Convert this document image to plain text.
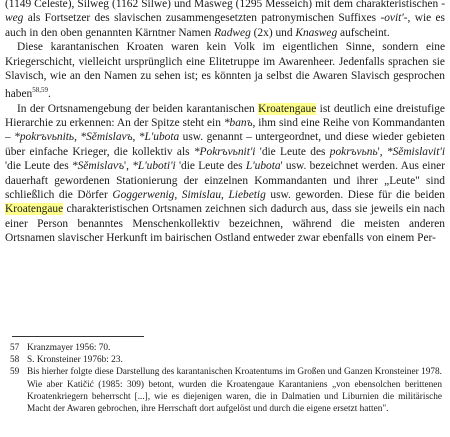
(1149 Celeste), Silweg (1162 Silwe) und Masweg (1295 Messeich) mit dem charakteristischen -weg als Fortsetzer des slavischen zusammengesetzten patronymischen Suffixes -ovit'-, wie es auch in den oben genannten Kärntner Namen Radweg (2x) und Knasweg aufscheint.

Diese karantanischen Kroaten waren kein Volk im eigentlichen Sinne, sondern eine Kriegerschicht, vielleicht ursprünglich eine Elitetruppe im Awarenheer. Jedenfalls sprachen sie Slavisch, wie an den Namen zu sehen ist; es könnten ja selbst die Awaren Slavisch gesprochen haben$^{58,59}$.

In der Ortsnamengebung der beiden karantanischen Kroatengaue ist deutlich eine dreistufige Hierarchie zu erkennen: An der Spitze steht ein *banъ, ihm sind eine Reihe von Kommandanten – *pokrъvьnitь, *Sěmislavъ, *L'ubota usw. genannt – untergeordnet, und diese wieder gebieten über einfache Krieger, die kollektiv als *Pokrъvьnit'i 'die Leute des pokrъvьnь', *Sěmislavit'i 'die Leute des *Sěmislavъ', *L'uboti'i 'die Leute des L'ubota' usw. bezeichnet werden. Aus einer dauerhaft gewordenen Stationierung der einzelnen Kommandanten und ihrer „Leute" sind schließlich die Dörfer Goggerwenig, Simislau, Liebetig usw. geworden. Diese für die beiden Kroatengaue charakteristischen Ortsnamen zeichnen sich dadurch aus, dass sie jeweils ein nach einer Person benanntes Menschenkollektiv bezeichnen, während die meisten anderen Ortsnamen slavischer Herkunft im bairischen Ostland entweder zwar ebenfalls von einem Per-

57 Kranzmayer 1956: 70.
58 S. Kronsteiner 1976b: 23.
59 Bis hierher folgte diese Darstellung des karantanischen Kroatentums im Großen und Ganzen Kronsteiner 1978. Wie aber Katičić (1985: 309) betont, wurden die Kroatengaue Karantaniens „von ebensolchen berittenen Kroatenkriegern beherrscht [...], wie es diejenigen waren, die in Dalmatien und Liburnien die militärische Macht der Awaren gebrochen, ihre Herrschaft dort aufgelöst und durch die eigene ersetzt hatten".
